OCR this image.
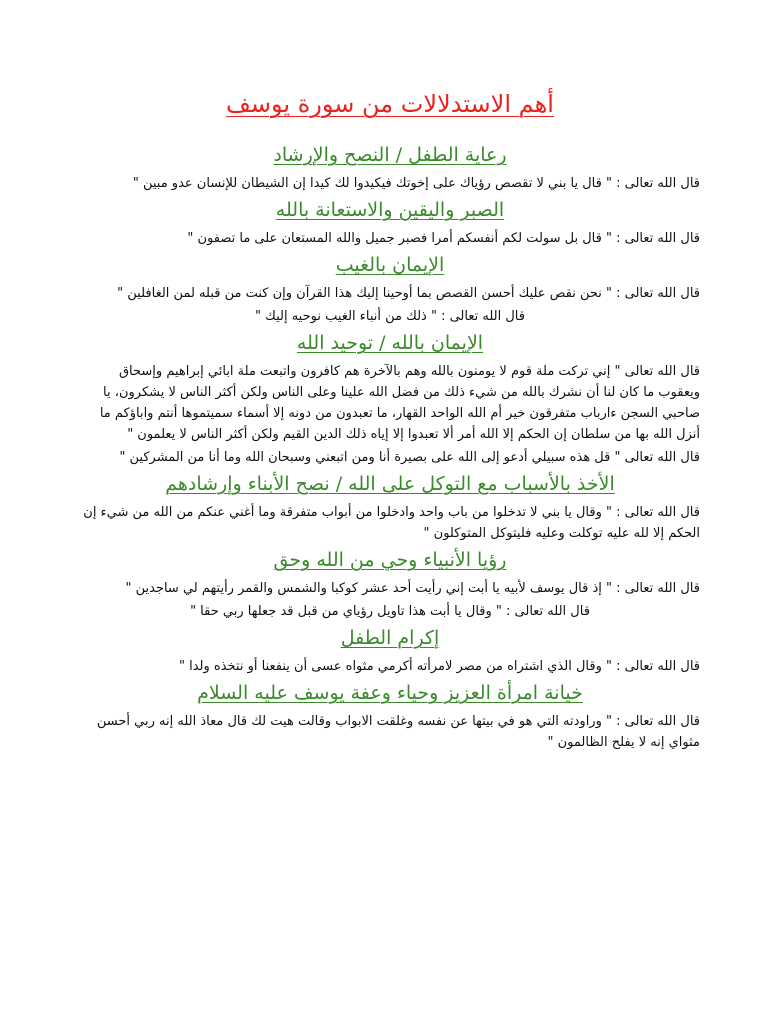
أهم الاستدلالات من سورة يوسف
رعاية الطفل / النصح والإرشاد

قال الله تعالى : " قال يا بني لا تقصص رؤياك على إخوتك فيكيدوا لك كيدا إن الشيطان للإنسان عدو مبين "

الصبر واليقين والاستعانة بالله

قال الله تعالى : " قال بل سولت لكم أنفسكم أمرا فصبر جميل والله المستعان على ما تصفون "

الإيمان بالغيب

قال الله تعالى : " نحن نقص عليك أحسن القصص بما أوحينا إليك هذا القرآن وإن كنت من قبله لمن الغافلين "

قال الله تعالى : " ذلك من أنباء الغيب نوحيه إليك "

الإيمان بالله / توحيد الله

قال الله تعالى " إني تركت ملة قوم لا يومنون بالله وهم بالآخرة هم كافرون واتبعت ملة ابائي إبراهيم وإسحاق ويعقوب ما كان لنا أن نشرك بالله من شيء ذلك من فضل الله علينا وعلى الناس ولكن أكثر الناس لا يشكرون، يا صاحبي السجن ءارباب متفرقون خير أم الله الواحد القهار، ما تعبدون من دونه إلا أسماء سميتموها أنتم واباؤكم ما أنزل الله بها من سلطان إن الحكم إلا الله أمر ألا تعبدوا إلا إياه ذلك الدين القيم ولكن أكثر الناس لا يعلمون "

قال الله تعالى " قل هذه سبيلي أدعو إلى الله على بصيرة أنا ومن اتبعني وسبحان الله وما أنا من المشركين "

الأخذ بالأسباب مع التوكل على الله / نصح الأبناء وإرشادهم

قال الله تعالى : " وقال يا بني لا تدخلوا من باب واحد وادخلوا من أبواب متفرقة وما أغني عنكم من الله من شيء إن الحكم إلا لله عليه توكلت وعليه فليتوكل المتوكلون "

رؤيا الأنبياء وحي من الله وحق

قال الله تعالى : " إذ قال يوسف لأبيه يا أبت إني رأيت أحد عشر كوكبا والشمس والقمر رأيتهم لي ساجدين "

قال الله تعالى : " وقال يا أبت هذا تاويل رؤياي من قبل قد جعلها ربي حقا "

إكرام الطفل

قال الله تعالى : " وقال الذي اشتراه من مصر لامرأته أكرمي مثواه عسى أن ينفعنا أو نتخذه ولدا "

خيانة امرأة العزيز وحياء وعفة يوسف عليه السلام

قال الله تعالى : " وراودته التي هو في بيتها عن نفسه وغلقت الابواب وقالت هيت لك قال معاذ الله إنه ربي أحسن مثواي إنه لا يفلح الظالمون "
